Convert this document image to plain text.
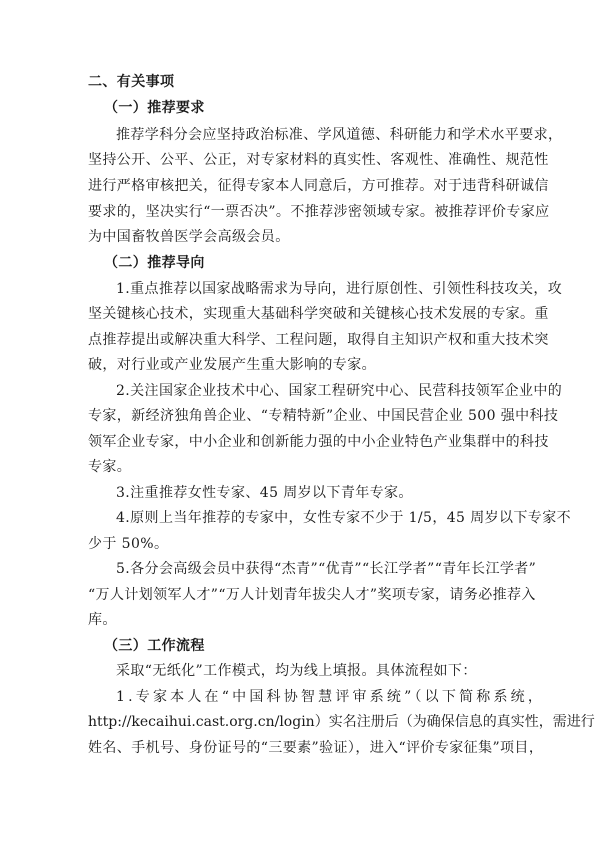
二、有关事项
（一）推荐要求
推荐学科分会应坚持政治标准、学风道德、科研能力和学术水平要求，
坚持公开、公平、公正，对专家材料的真实性、客观性、准确性、规范性
进行严格审核把关，征得专家本人同意后，方可推荐。对于违背科研诚信
要求的，坚决实行“一票否决”。不推荐涉密领域专家。被推荐评价专家应
为中国畜牧兽医学会高级会员。
（二）推荐导向
1.重点推荐以国家战略需求为导向，进行原创性、引领性科技攻关，攻
坚关键核心技术，实现重大基础科学突破和关键核心技术发展的专家。重
点推荐提出或解决重大科学、工程问题，取得自主知识产权和重大技术突
破，对行业或产业发展产生重大影响的专家。
2.关注国家企业技术中心、国家工程研究中心、民营科技领军企业中的
专家，新经济独角兽企业、“专精特新”企业、中国民营企业 500 强中科技
领军企业专家，中小企业和创新能力强的中小企业特色产业集群中的科技
专家。
3.注重推荐女性专家、45 周岁以下青年专家。
4.原则上当年推荐的专家中，女性专家不少于 1/5，45 周岁以下专家不
少于 50%。
5.各分会高级会员中获得“杰青”“优青”“长江学者”“青年长江学者”
“万人计划领军人才”“万人计划青年拔尖人才”奖项专家，请务必推荐入
库。
（三）工作流程
采取“无纸化”工作模式，均为线上填报。具体流程如下：
1.专家本人在“中国科协智慧评审系统”（以下简称系统，
http://kecaihui.cast.org.cn/login）实名注册后（为确保信息的真实性，需进行
姓名、手机号、身份证号的“三要素”验证），进入“评价专家征集”项目，
